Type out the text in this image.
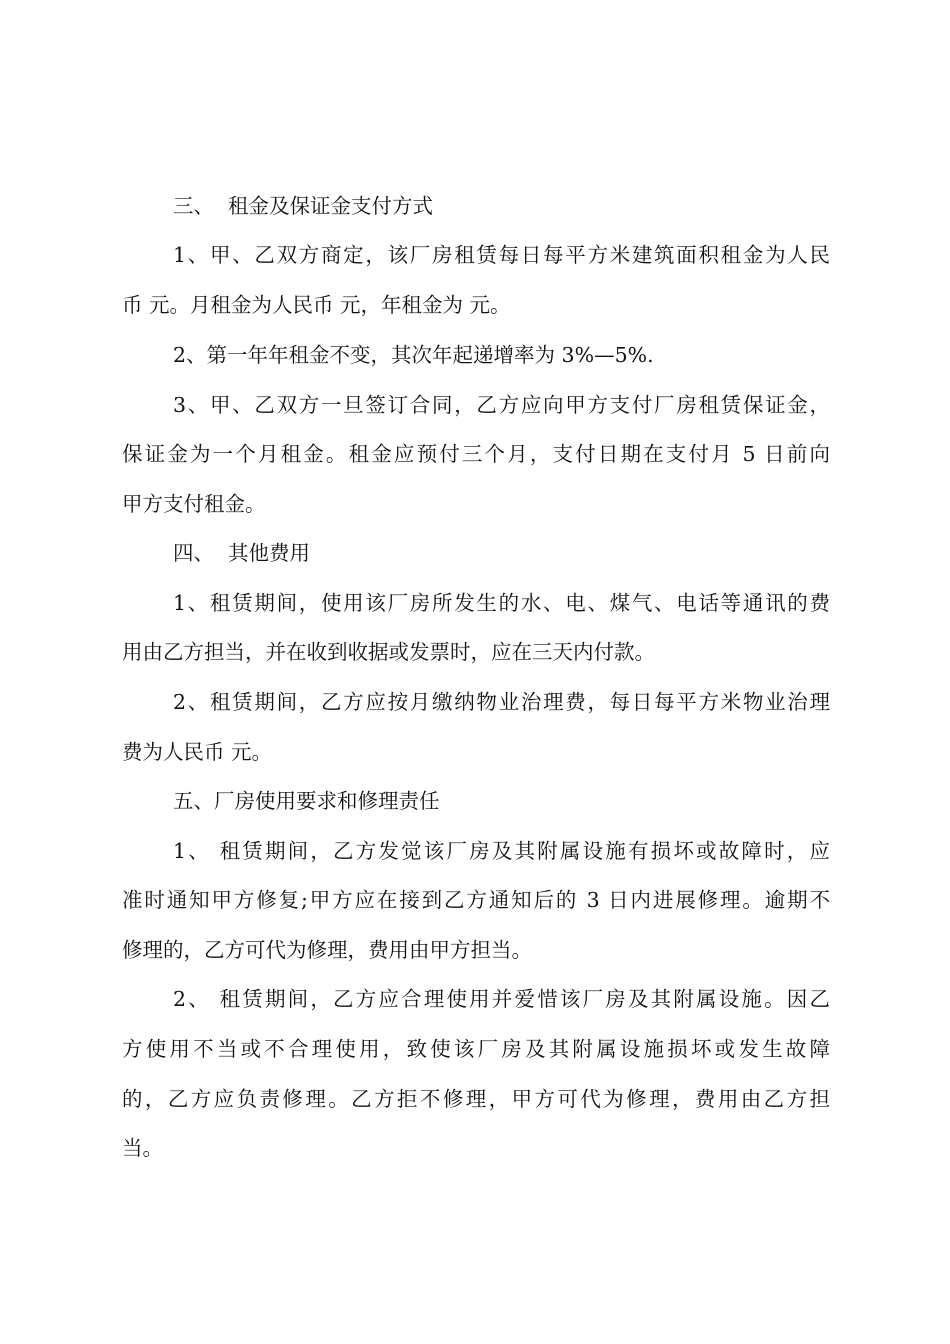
三、 租金及保证金支付方式
1、甲、乙双方商定，该厂房租赁每日每平方米建筑面积租金为人民
币 元。月租金为人民币 元，年租金为 元。
2、第一年年租金不变，其次年起递增率为 3%—5%.
3、甲、乙双方一旦签订合同，乙方应向甲方支付厂房租赁保证金，
保证金为一个月租金。租金应预付三个月，支付日期在支付月 5 日前向
甲方支付租金。
四、 其他费用
1、租赁期间，使用该厂房所发生的水、电、煤气、电话等通讯的费
用由乙方担当，并在收到收据或发票时，应在三天内付款。
2、租赁期间，乙方应按月缴纳物业治理费，每日每平方米物业治理
费为人民币 元。
五、厂房使用要求和修理责任
1、 租赁期间，乙方发觉该厂房及其附属设施有损坏或故障时，应
准时通知甲方修复;甲方应在接到乙方通知后的 3 日内进展修理。逾期不
修理的，乙方可代为修理，费用由甲方担当。
2、 租赁期间，乙方应合理使用并爱惜该厂房及其附属设施。因乙
方使用不当或不合理使用，致使该厂房及其附属设施损坏或发生故障
的，乙方应负责修理。乙方拒不修理，甲方可代为修理，费用由乙方担
当。
